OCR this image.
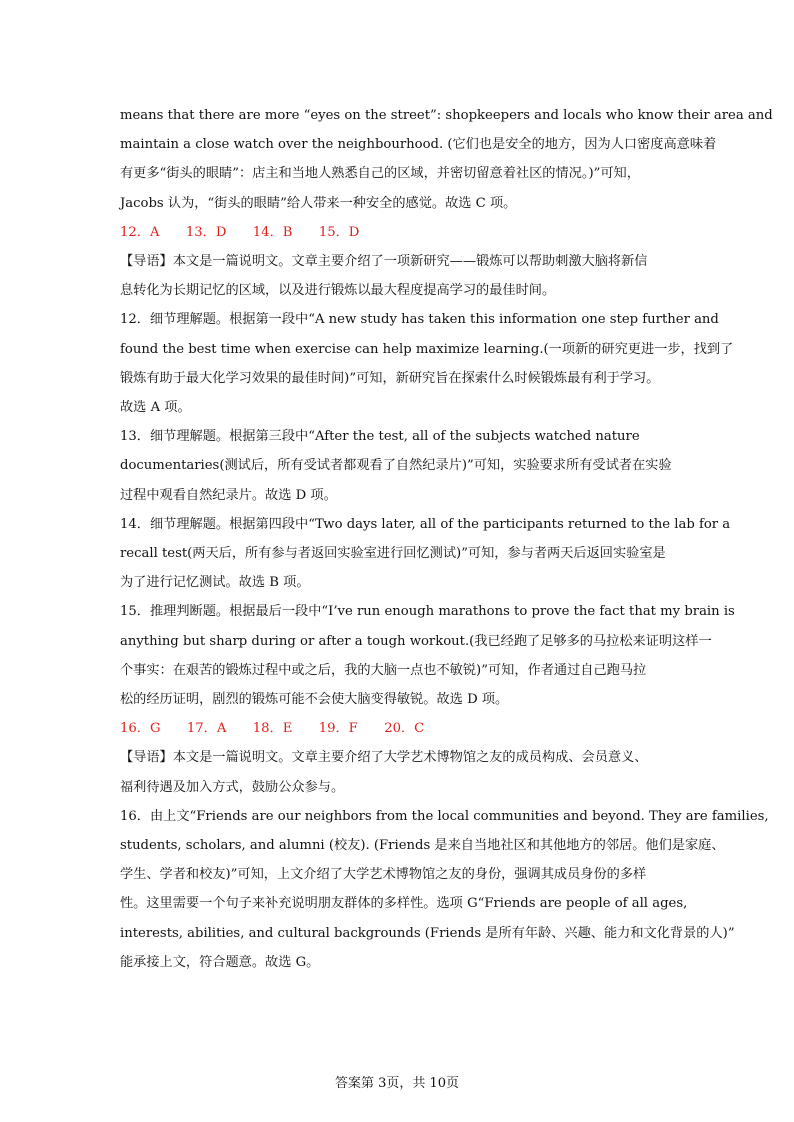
means that there are more “eyes on the street”: shopkeepers and locals who know their area and
maintain a close watch over the neighbourhood. (它们也是安全的地方，因为人口密度高意味着
有更多“街头的眼睛”：店主和当地人熟悉自己的区域，并密切留意着社区的情况。)”可知，
Jacobs 认为，“街头的眼睛”给人带来一种安全的感觉。故选 C 项。
12．A　　13．D　　14．B　　15．D
【导语】本文是一篇说明文。文章主要介绍了一项新研究——锻炼可以帮助刺激大脑将新信
息转化为长期记忆的区域，以及进行锻炼以最大程度提高学习的最佳时间。
12．细节理解题。根据第一段中“A new study has taken this information one step further and
found the best time when exercise can help maximize learning.(一项新的研究更进一步，找到了
锻炼有助于最大化学习效果的最佳时间)”可知，新研究旨在探索什么时候锻炼最有利于学习。
故选 A 项。
13．细节理解题。根据第三段中“After the test, all of the subjects watched nature
documentaries(测试后，所有受试者都观看了自然纪录片)”可知，实验要求所有受试者在实验
过程中观看自然纪录片。故选 D 项。
14．细节理解题。根据第四段中“Two days later, all of the participants returned to the lab for a
recall test(两天后，所有参与者返回实验室进行回忆测试)”可知，参与者两天后返回实验室是
为了进行记忆测试。故选 B 项。
15．推理判断题。根据最后一段中“I’ve run enough marathons to prove the fact that my brain is
anything but sharp during or after a tough workout.(我已经跑了足够多的马拉松来证明这样一
个事实：在艰苦的锻炼过程中或之后，我的大脑一点也不敏锐)”可知，作者通过自己跑马拉
松的经历证明，剧烈的锻炼可能不会使大脑变得敏锐。故选 D 项。
16．G　　17．A　　18．E　　19．F　　20．C
【导语】本文是一篇说明文。文章主要介绍了大学艺术博物馆之友的成员构成、会员意义、
福利待遇及加入方式，鼓励公众参与。
16．由上文“Friends are our neighbors from the local communities and beyond. They are families,
students, scholars, and alumni (校友). (Friends 是来自当地社区和其他地方的邻居。他们是家庭、
学生、学者和校友)”可知，上文介绍了大学艺术博物馆之友的身份，强调其成员身份的多样
性。这里需要一个句子来补充说明朋友群体的多样性。选项 G“Friends are people of all ages,
interests, abilities, and cultural backgrounds (Friends 是所有年龄、兴趣、能力和文化背景的人)”
能承接上文，符合题意。故选 G。
答案第 3页，共 10页
